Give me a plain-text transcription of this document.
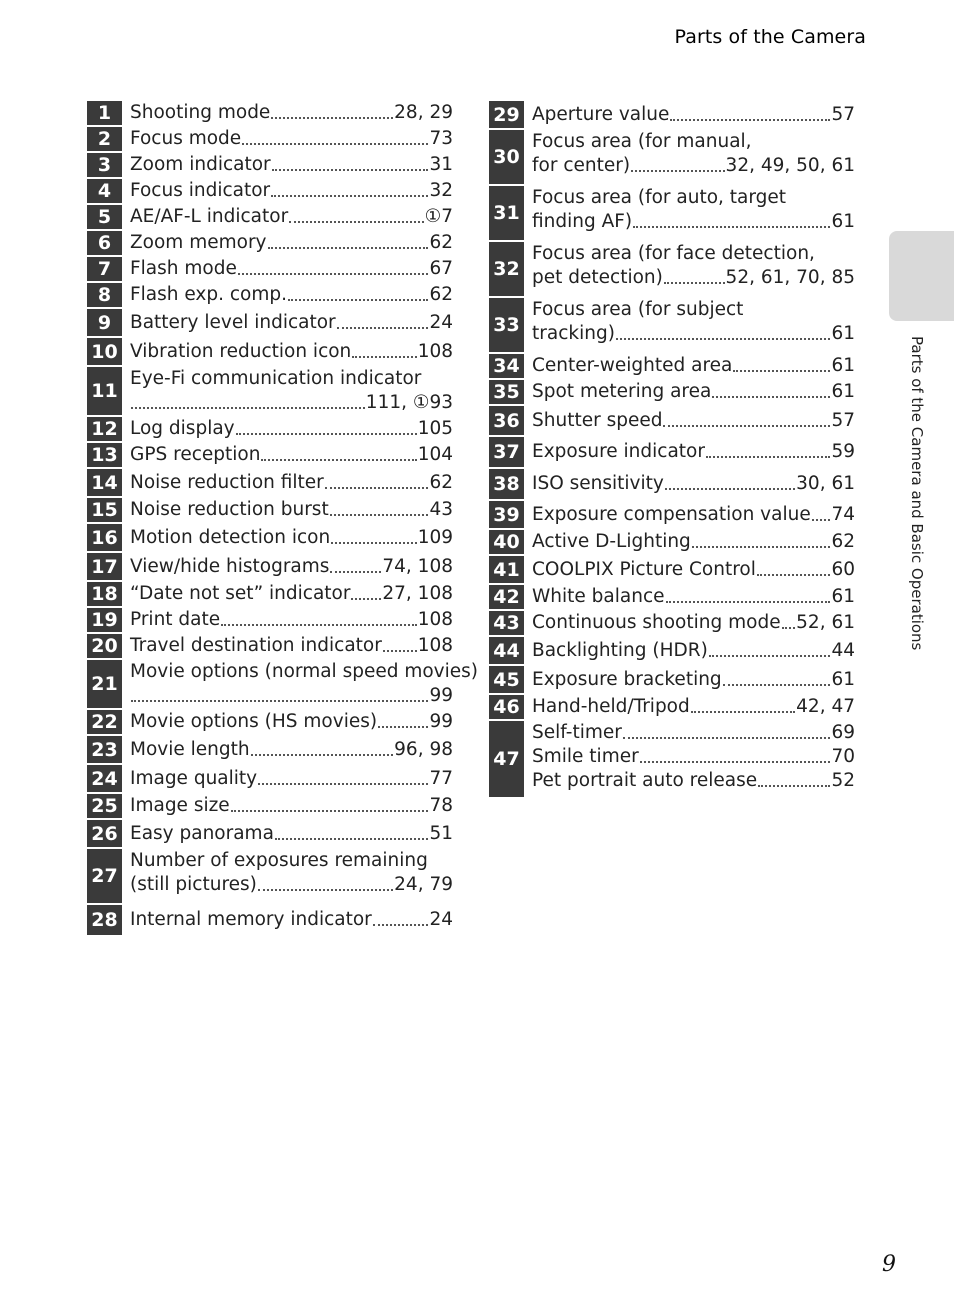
Parts of the Camera
Parts of the Camera and Basic Operations
1	Shooting mode	28, 29
2	Focus mode	73
3	Zoom indicator	31
4	Focus indicator	32
5	AE/AF-L indicator	①7
6	Zoom memory	62
7	Flash mode	67
8	Flash exp. comp.	62
9	Battery level indicator	24
10 Vibration reduction icon	108
11
Eye-Fi communication indicator
111, ①93
12 Log display	105
13 GPS reception	104
14 Noise reduction filter	62
15 Noise reduction burst	43
16 Motion detection icon	109
17 View/hide histograms	74, 108
18 “Date not set” indicator 27, 108
19 Print date	108
20 Travel destination indicator 108
21
Movie options (normal speed movies)
99
22 Movie options (HS movies)	99
23 Movie length	96, 98
24 Image quality	77
25 Image size	78
26 Easy panorama	51
27
Number of exposures remaining
(still pictures)	24, 79
28 Internal memory indicator	24
29 Aperture value	57
30
Focus area (for manual,
for center)	32, 49, 50, 61
31
Focus area (for auto, target
finding AF)	61
32
Focus area (for face detection,
pet detection)	52, 61, 70, 85
33
Focus area (for subject
tracking)	61
34 Center-weighted area	61
35 Spot metering area	61
36 Shutter speed	57
37 Exposure indicator	59
38 ISO sensitivity	30, 61
39 Exposure compensation value 74
40 Active D-Lighting	62
41 COOLPIX Picture Control	60
42 White balance	61
43 Continuous shooting mode 52, 61
44 Backlighting (HDR)	44
45 Exposure bracketing	61
46 Hand-held/Tripod	42, 47
47
Self-timer	69
Smile timer	70
Pet portrait auto release	52
9
